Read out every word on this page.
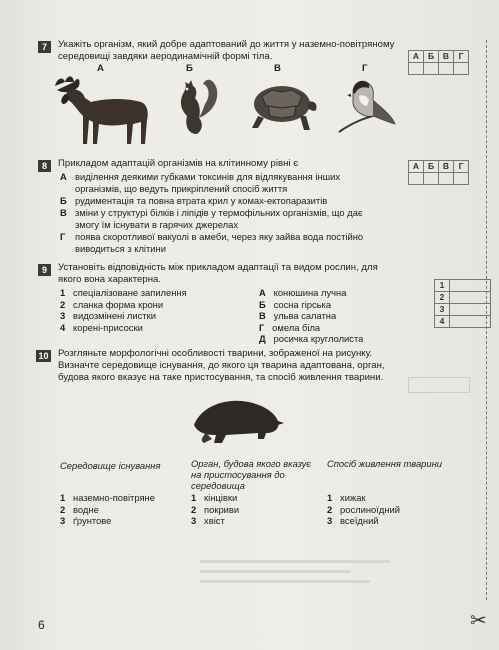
7	Укажіть організм, який добре адаптований до життя у наземно-повітряному
середовищі завдяки аеродинамічній формі тіла.	А	Б	В	Г

А	Б	В	Г
8	Прикладом адаптацій організмів на клітинному рівні є	А	Б	В	Г

А виділення деякими губками токсинів для відлякування інших
організмів, що ведуть прикріплений спосіб життя
Б рудиментація та повна втрата крил у комах-ектопаразитів
В зміни у структурі білків і ліпідів у термофільних організмів, що дає
змогу їм існувати в гарячих джерелах
Г поява скоротливої вакуолі в амеби, через яку зайва вода постійно
виводиться з клітини
9	Установіть відповідність між прикладом адаптації та видом рослин, для
якого вона характерна.
1 спеціалізоване запилення
2 сланка форма крони
3 видозмінені листки
4 корені-присоски
А конюшина лучна
Б сосна гірська
В ульва салатна
Г омела біла
Д росичка круглолиста
1	
2	
3	
4	
10 Розгляньте морфологічні особливості тварини, зображеної на рисунку.
Визначте середовище існування, до якого ця тварина адаптована, орган,
будова якого вказує на таке пристосування, та спосіб живлення тварини.
Середовище існування	Орган, будова якого вказує
на пристосування до
середовища
Спосіб живлення тварини
1 наземно-повітряне
2 водне
3 ґрунтове
1 кінцівки
2 покриви
3 хвіст
1 хижак
2 рослиноїдний
3 всеїдний
6	✂
